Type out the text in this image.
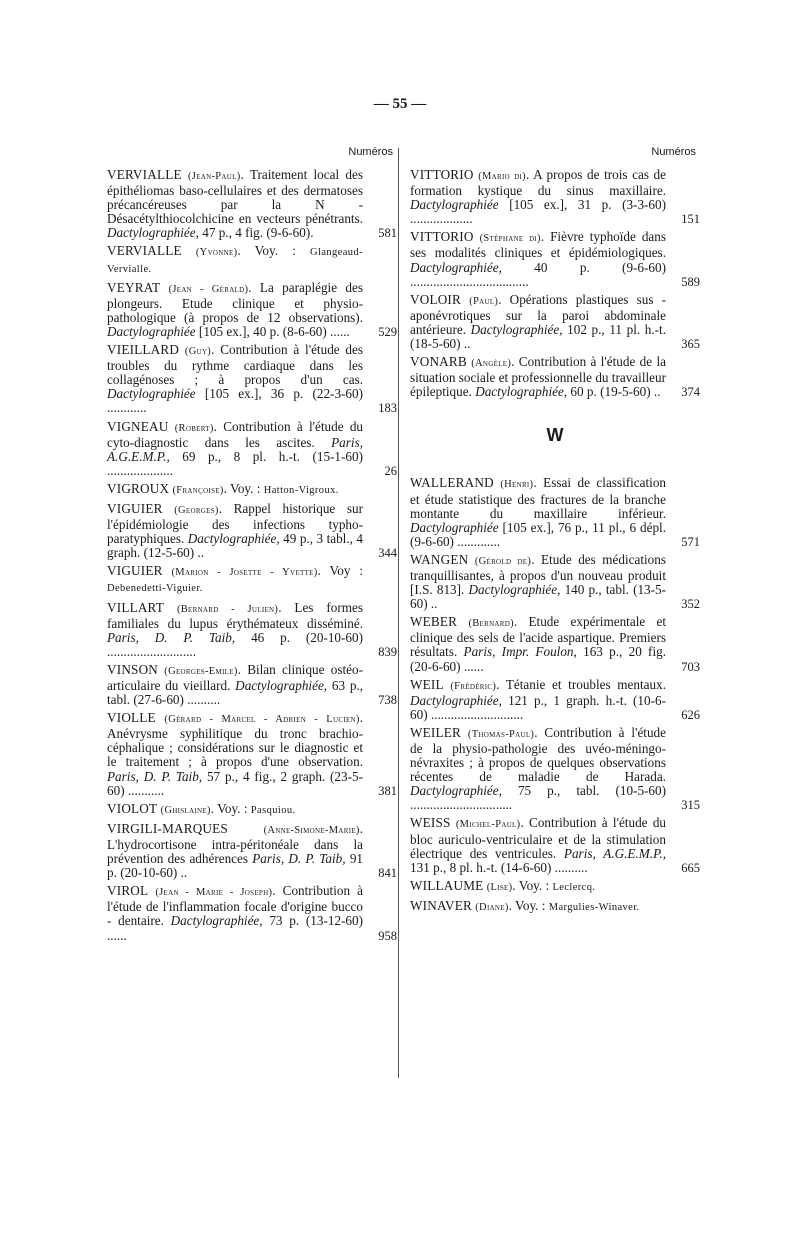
— 55 —
Numéros
VERVIALLE (Jean-Paul). Traitement local des épithéliomas baso-cellulaires et des dermatoses précancéreuses par la N - Désacétylthiocolchicine en vecteurs pénétrants. Dactylographiée, 47 p., 4 fig. (9-6-60).	581
VERVIALLE (Yvonne). Voy. : Glangeaud-Vervialle.
VEYRAT (Jean - Gérald). La paraplégie des plongeurs. Etude clinique et physio-pathologique (à propos de 12 observations). Dactylographiée [105 ex.], 40 p. (8-6-60) ......	529
VIEILLARD (Guy). Contribution à l'étude des troubles du rythme cardiaque dans les collagénoses ; à propos d'un cas. Dactylographiée [105 ex.], 36 p. (22-3-60) ............	183
VIGNEAU (Robert). Contribution à l'étude du cyto-diagnostic dans les ascites. Paris, A.G.E.M.P., 69 p., 8 pl. h.-t. (15-1-60) ....................	26
VIGROUX (Françoise). Voy. : Hatton-Vigroux.
VIGUIER (Georges). Rappel historique sur l'épidémiologie des infections typho-paratyphiques. Dactylographiée, 49 p., 3 tabl., 4 graph. (12-5-60) ..	344
VIGUIER (Marion - Josette - Yvette). Voy : Debenedetti-Viguier.
VILLART (Bernard - Julien). Les formes familiales du lupus érythémateux disséminé. Paris, D. P. Taib, 46 p. (20-10-60) ...........................	839
VINSON (Georges-Emile). Bilan clinique ostéo-articulaire du vieillard. Dactylographiée, 63 p., tabl. (27-6-60) ..........	738
VIOLLE (Gérard - Marcel - Adrien - Lucien). Anévrysme syphilitique du tronc brachio-céphalique ; considérations sur le diagnostic et le traitement ; à propos d'une observation. Paris, D. P. Taib, 57 p., 4 fig., 2 graph. (23-5-60) ...........	381
VIOLOT (Ghislaine). Voy. : Pasquiou.
VIRGILI-MARQUES	(Anne-Simone-Marie). L'hydrocortisone intra-péritonéale dans la prévention des adhérences Paris, D. P. Taib, 91 p. (20-10-60) ..	841
VIROL (Jean - Marie - Joseph). Contribution à l'étude de l'inflammation focale d'origine bucco - dentaire. Dactylographiée, 73 p. (13-12-60) ......	958
Numéros
VITTORIO (Mario di). A propos de trois cas de formation kystique du sinus maxillaire. Dactylographiée [105 ex.], 31 p. (3-3-60) ...................	151
VITTORIO (Stéphane di). Fièvre typhoïde dans ses modalités cliniques et épidémiologiques. Dactylographiée, 40 p. (9-6-60) ....................................	589
VOLOIR (Paul). Opérations plastiques sus - aponévrotiques sur la paroi abdominale antérieure. Dactylographiée, 102 p., 11 pl. h.-t. (18-5-60) ..	365
VONARB (Angèle). Contribution à l'étude de la situation sociale et professionnelle du travailleur épileptique. Dactylographiée, 60 p. (19-5-60) ..	374
W
WALLERAND (Henri). Essai de classification et étude statistique des fractures de la branche montante du maxillaire inférieur. Dactylographiée [105 ex.], 76 p., 11 pl., 6 dépl. (9-6-60) .............	571
WANGEN (Gérold de). Etude des médications tranquillisantes, à propos d'un nouveau produit [I.S. 813]. Dactylographiée, 140 p., tabl. (13-5-60) ..	352
WEBER (Bernard). Etude expérimentale et clinique des sels de l'acide aspartique. Premiers résultats. Paris, Impr. Foulon, 163 p., 20 fig. (20-6-60) ......	703
WEIL (Frédéric). Tétanie et troubles mentaux. Dactylographiée, 121 p., 1 graph. h.-t. (10-6-60) ............................	626
WEILER (Thomas-Paul). Contribution à l'étude de la physio-pathologie des uvéo-méningo-névraxites ; à propos de quelques observations récentes de maladie de Harada. Dactylographiée, 75 p., tabl. (10-5-60) ...............................	315
WEISS (Michel-Paul). Contribution à l'étude du bloc auriculo-ventriculaire et de la stimulation électrique des ventricules. Paris, A.G.E.M.P., 131 p., 8 pl. h.-t. (14-6-60) ..........	665
WILLAUME (Lise). Voy. : Leclercq.
WINAVER (Diane). Voy. : Margulies-Winaver.
